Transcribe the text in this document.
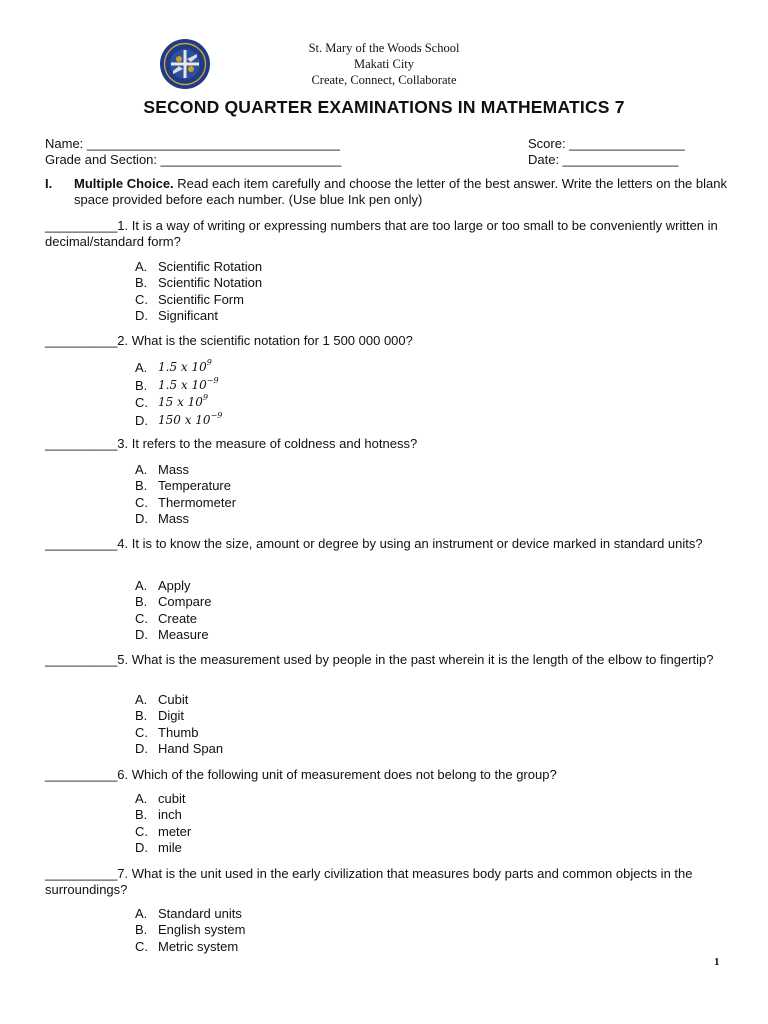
St. Mary of the Woods School
Makati City
Create, Connect, Collaborate
SECOND QUARTER EXAMINATIONS IN MATHEMATICS 7
Name: ___________________________________	Score: ________________
Grade and Section: _________________________	Date: ________________
I. Multiple Choice. Read each item carefully and choose the letter of the best answer. Write the letters on the blank space provided before each number. (Use blue Ink pen only)
__________1. It is a way of writing or expressing numbers that are too large or too small to be conveniently written in decimal/standard form?
A. Scientific Rotation
B. Scientific Notation
C. Scientific Form
D. Significant
__________2. What is the scientific notation for 1 500 000 000?
A. 1.5 x $10^9$
B. 1.5 x $10^{-9}$
C. 15 x $10^9$
D. 150 x $10^{-9}$
__________3. It refers to the measure of coldness and hotness?
A. Mass
B. Temperature
C. Thermometer
D. Mass
__________4. It is to know the size, amount or degree by using an instrument or device marked in standard units?
A. Apply
B. Compare
C. Create
D. Measure
__________5. What is the measurement used by people in the past wherein it is the length of the elbow to fingertip?
A. Cubit
B. Digit
C. Thumb
D. Hand Span
__________6. Which of the following unit of measurement does not belong to the group?
A. cubit
B. inch
C. meter
D. mile
__________7. What is the unit used in the early civilization that measures body parts and common objects in the surroundings?
A. Standard units
B. English system
C. Metric system
1
